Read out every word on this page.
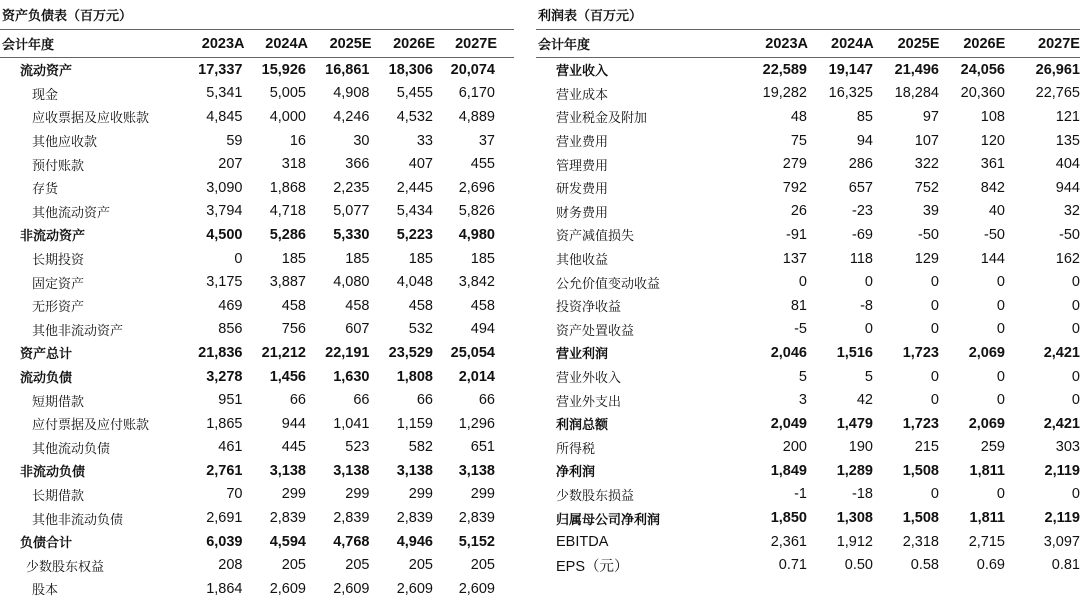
资产负债表（百万元）
会计年度	2023A	2024A	2025E	2026E	2027E
流动资产	17,337	15,926	16,861	18,306	20,074
现金	5,341	5,005	4,908	5,455	6,170
应收票据及应收账款	4,845	4,000	4,246	4,532	4,889
其他应收款	59	16	30	33	37
预付账款	207	318	366	407	455
存货	3,090	1,868	2,235	2,445	2,696
其他流动资产	3,794	4,718	5,077	5,434	5,826
非流动资产	4,500	5,286	5,330	5,223	4,980
长期投资	0	185	185	185	185
固定资产	3,175	3,887	4,080	4,048	3,842
无形资产	469	458	458	458	458
其他非流动资产	856	756	607	532	494
资产总计	21,836	21,212	22,191	23,529	25,054
流动负债	3,278	1,456	1,630	1,808	2,014
短期借款	951	66	66	66	66
应付票据及应付账款	1,865	944	1,041	1,159	1,296
其他流动负债	461	445	523	582	651
非流动负债	2,761	3,138	3,138	3,138	3,138
长期借款	70	299	299	299	299
其他非流动负债	2,691	2,839	2,839	2,839	2,839
负债合计	6,039	4,594	4,768	4,946	5,152
少数股东权益	208	205	205	205	205
股本	1,864	2,609	2,609	2,609	2,609
利润表（百万元）
会计年度	2023A	2024A	2025E	2026E	2027E
营业收入	22,589	19,147	21,496	24,056	26,961
营业成本	19,282	16,325	18,284	20,360	22,765
营业税金及附加	48	85	97	108	121
营业费用	75	94	107	120	135
管理费用	279	286	322	361	404
研发费用	792	657	752	842	944
财务费用	26	-23	39	40	32
资产减值损失	-91	-69	-50	-50	-50
其他收益	137	118	129	144	162
公允价值变动收益	0	0	0	0	0
投资净收益	81	-8	0	0	0
资产处置收益	-5	0	0	0	0
营业利润	2,046	1,516	1,723	2,069	2,421
营业外收入	5	5	0	0	0
营业外支出	3	42	0	0	0
利润总额	2,049	1,479	1,723	2,069	2,421
所得税	200	190	215	259	303
净利润	1,849	1,289	1,508	1,811	2,119
少数股东损益	-1	-18	0	0	0
归属母公司净利润	1,850	1,308	1,508	1,811	2,119
EBITDA	2,361	1,912	2,318	2,715	3,097
EPS（元）	0.71	0.50	0.58	0.69	0.81
